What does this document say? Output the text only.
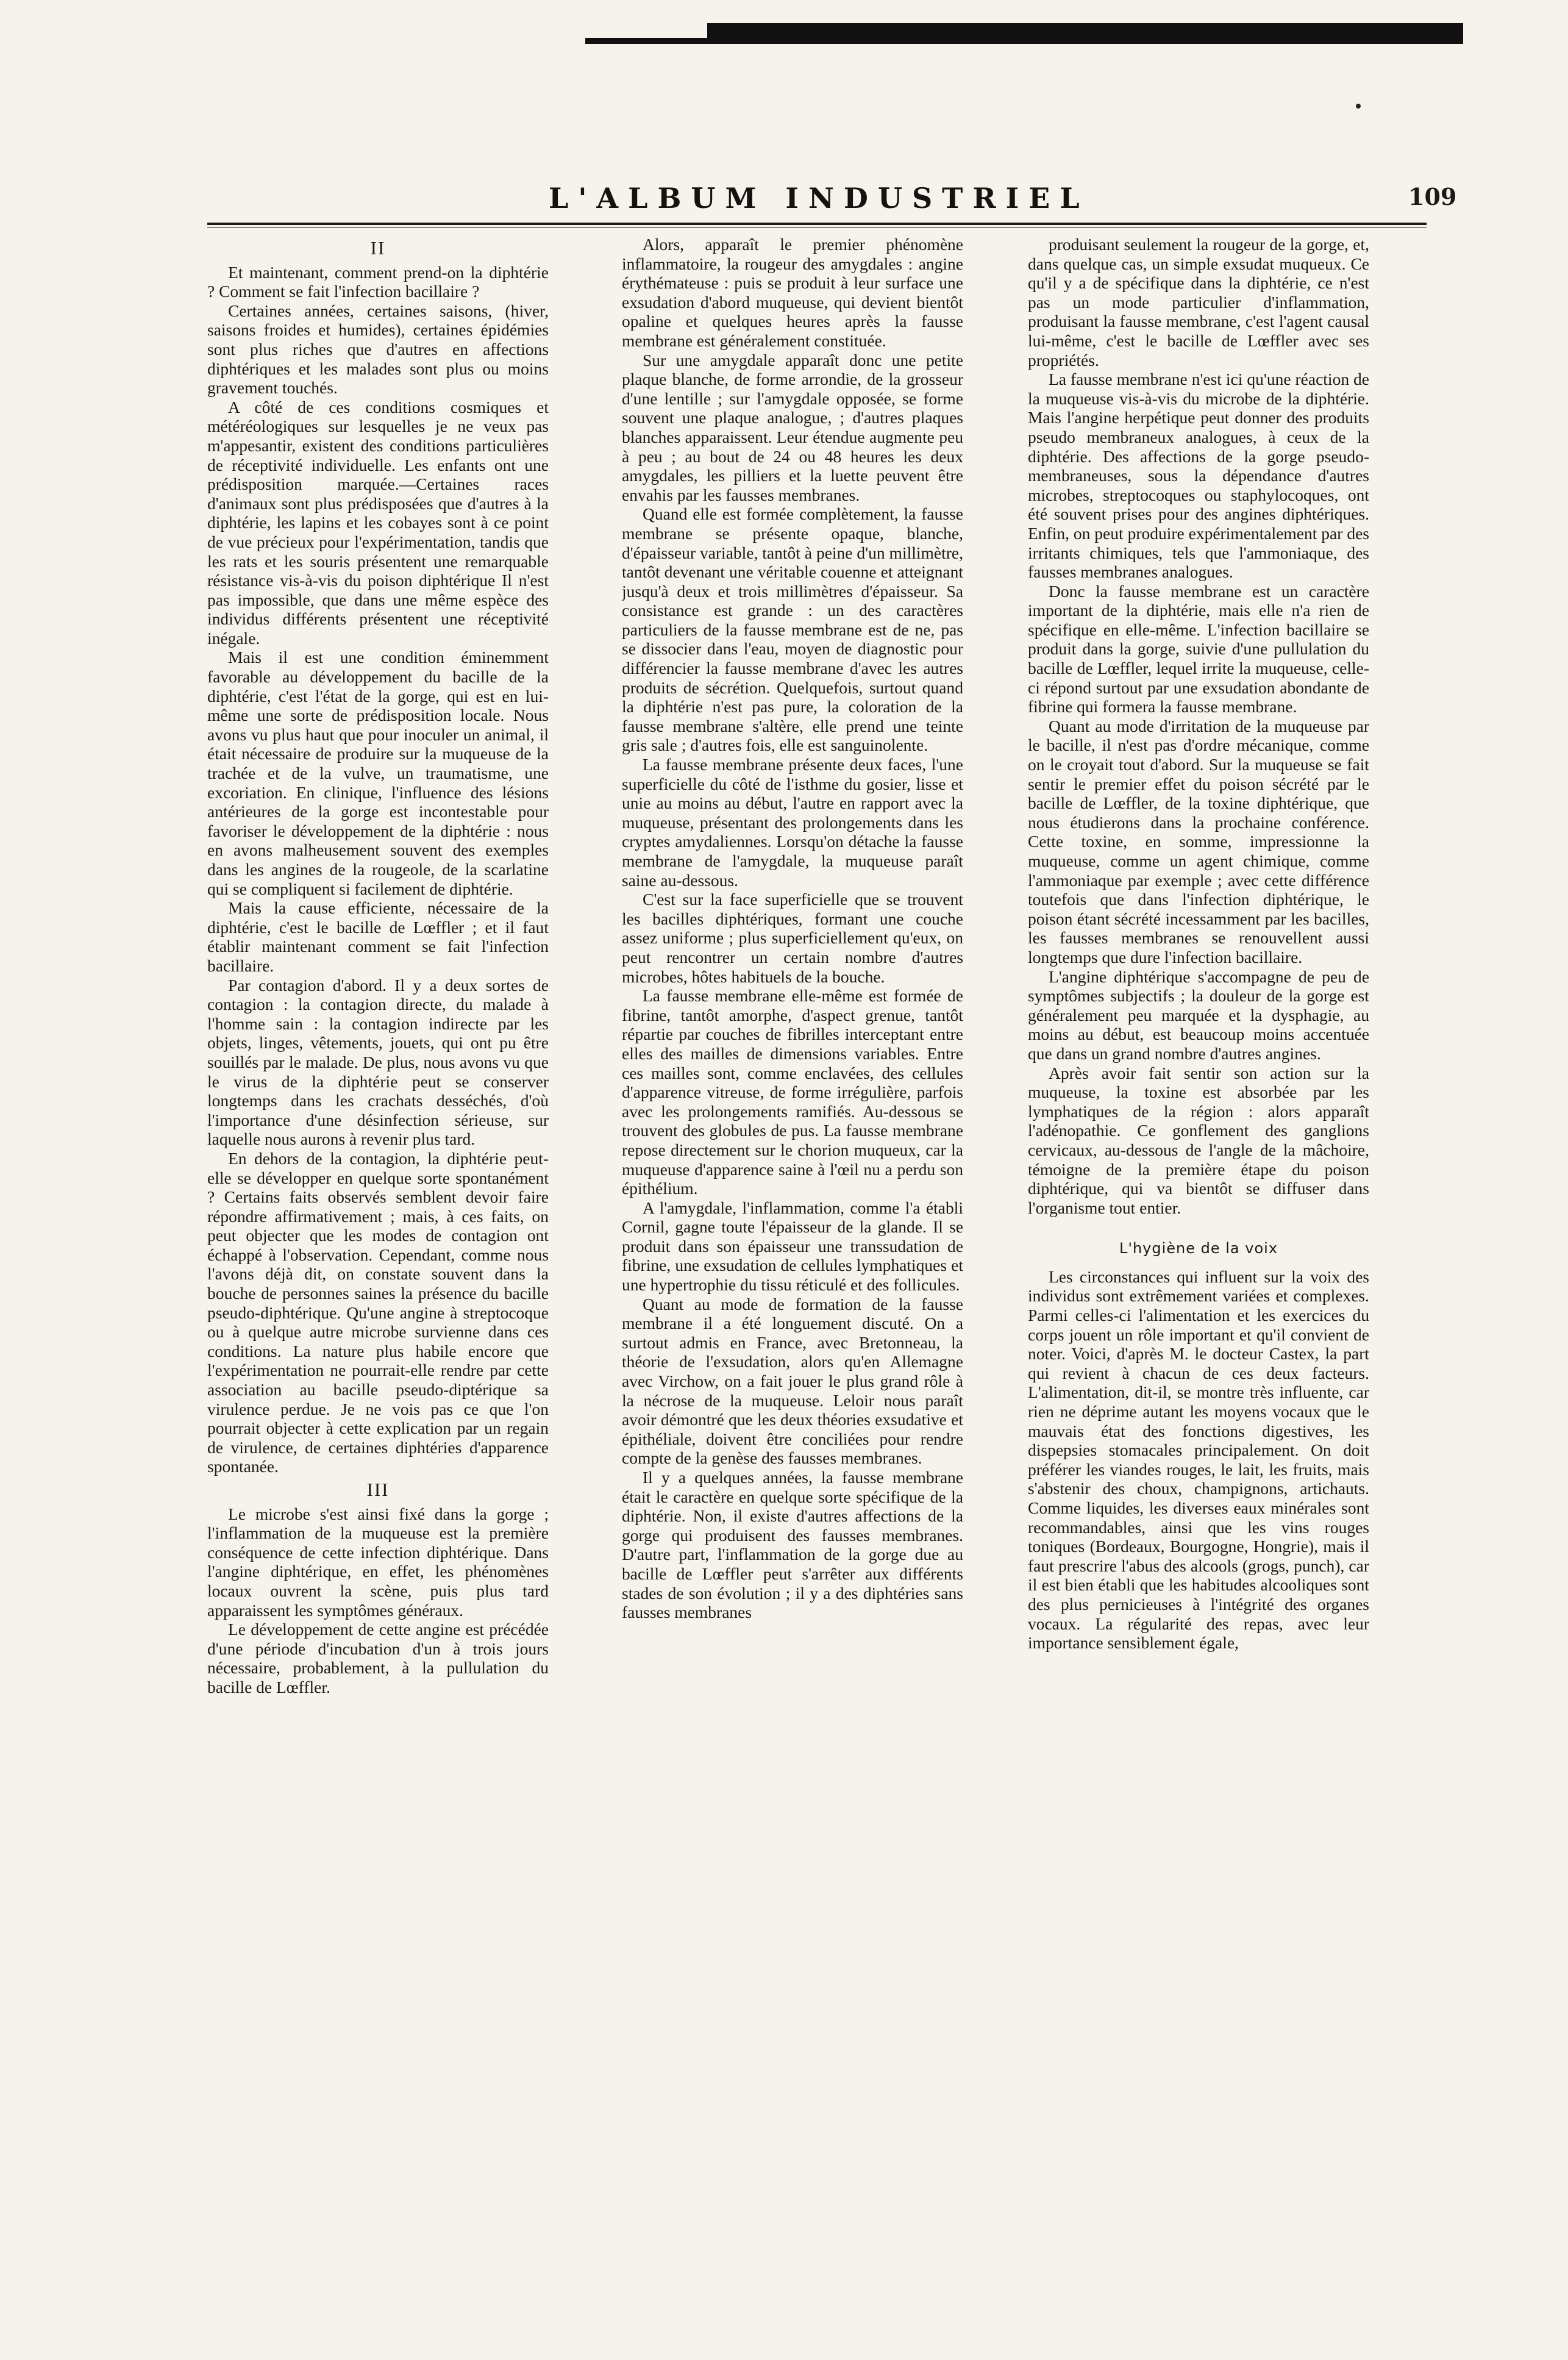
L'ALBUM INDUSTRIEL	109
II

Et maintenant, comment prend-on la diphtérie ? Comment se fait l'infection bacillaire ?

Certaines années, certaines saisons, (hiver, saisons froides et humides), certaines épidémies sont plus riches que d'autres en affections diphtériques et les malades sont plus ou moins gravement touchés.

A côté de ces conditions cosmiques et météréologiques sur lesquelles je ne veux pas m'appesantir, existent des conditions particulières de réceptivité individuelle. Les enfants ont une prédisposition marquée.—Certaines races d'animaux sont plus prédisposées que d'autres à la diphtérie, les lapins et les cobayes sont à ce point de vue précieux pour l'expérimentation, tandis que les rats et les souris présentent une remarquable résistance vis-à-vis du poison diphtérique Il n'est pas impossible, que dans une même espèce des individus différents présentent une réceptivité inégale.

Mais il est une condition éminemment favorable au développement du bacille de la diphtérie, c'est l'état de la gorge, qui est en lui-même une sorte de prédisposition locale. Nous avons vu plus haut que pour inoculer un animal, il était nécessaire de produire sur la muqueuse de la trachée et de la vulve, un traumatisme, une excoriation. En clinique, l'influence des lésions antérieures de la gorge est incontestable pour favoriser le développement de la diphtérie : nous en avons malheusement souvent des exemples dans les angines de la rougeole, de la scarlatine qui se compliquent si facilement de diphtérie.

Mais la cause efficiente, nécessaire de la diphtérie, c'est le bacille de Lœffler ; et il faut établir maintenant comment se fait l'infection bacillaire.

Par contagion d'abord. Il y a deux sortes de contagion : la contagion directe, du malade à l'homme sain : la contagion indirecte par les objets, linges, vêtements, jouets, qui ont pu être souillés par le malade. De plus, nous avons vu que le virus de la diphtérie peut se conserver longtemps dans les crachats desséchés, d'où l'importance d'une désinfection sérieuse, sur laquelle nous aurons à revenir plus tard.

En dehors de la contagion, la diphtérie peut-elle se développer en quelque sorte spontanément ? Certains faits observés semblent devoir faire répondre affirmativement ; mais, à ces faits, on peut objecter que les modes de contagion ont échappé à l'observation. Cependant, comme nous l'avons déjà dit, on constate souvent dans la bouche de personnes saines la présence du bacille pseudo-diphtérique. Qu'une angine à streptocoque ou à quelque autre microbe survienne dans ces conditions. La nature plus habile encore que l'expérimentation ne pourrait-elle rendre par cette association au bacille pseudo-diptérique sa virulence perdue. Je ne vois pas ce que l'on pourrait objecter à cette explication par un regain de virulence, de certaines diphtéries d'apparence spontanée.

III

Le microbe s'est ainsi fixé dans la gorge ; l'inflammation de la muqueuse est la première conséquence de cette infection diphtérique. Dans l'angine diphtérique, en effet, les phénomènes locaux ouvrent la scène, puis plus tard apparaissent les symptômes généraux.

Le développement de cette angine est précédée d'une période d'incubation d'un à trois jours nécessaire, probablement, à la pullulation du bacille de Lœffler.

Alors, apparaît le premier phénomène inflammatoire, la rougeur des amygdales : angine érythémateuse : puis se produit à leur surface une exsudation d'abord muqueuse, qui devient bientôt opaline et quelques heures après la fausse membrane est généralement constituée.

Sur une amygdale apparaît donc une petite plaque blanche, de forme arrondie, de la grosseur d'une lentille ; sur l'amygdale opposée, se forme souvent une plaque analogue, ; d'autres plaques blanches apparaissent. Leur étendue augmente peu à peu ; au bout de 24 ou 48 heures les deux amygdales, les pilliers et la luette peuvent être envahis par les fausses membranes.

Quand elle est formée complètement, la fausse membrane se présente opaque, blanche, d'épaisseur variable, tantôt à peine d'un millimètre, tantôt devenant une véritable couenne et atteignant jusqu'à deux et trois millimètres d'épaisseur. Sa consistance est grande : un des caractères particuliers de la fausse membrane est de ne, pas se dissocier dans l'eau, moyen de diagnostic pour différencier la fausse membrane d'avec les autres produits de sécrétion. Quelquefois, surtout quand la diphtérie n'est pas pure, la coloration de la fausse membrane s'altère, elle prend une teinte gris sale ; d'autres fois, elle est sanguinolente.

La fausse membrane présente deux faces, l'une superficielle du côté de l'isthme du gosier, lisse et unie au moins au début, l'autre en rapport avec la muqueuse, présentant des prolongements dans les cryptes amydaliennes. Lorsqu'on détache la fausse membrane de l'amygdale, la muqueuse paraît saine au-dessous.

C'est sur la face superficielle que se trouvent les bacilles diphtériques, formant une couche assez uniforme ; plus superficiellement qu'eux, on peut rencontrer un certain nombre d'autres microbes, hôtes habituels de la bouche.

La fausse membrane elle-même est formée de fibrine, tantôt amorphe, d'aspect grenue, tantôt répartie par couches de fibrilles interceptant entre elles des mailles de dimensions variables. Entre ces mailles sont, comme enclavées, des cellules d'apparence vitreuse, de forme irrégulière, parfois avec les prolongements ramifiés. Au-dessous se trouvent des globules de pus. La fausse membrane repose directement sur le chorion muqueux, car la muqueuse d'apparence saine à l'œil nu a perdu son épithélium.

A l'amygdale, l'inflammation, comme l'a établi Cornil, gagne toute l'épaisseur de la glande. Il se produit dans son épaisseur une transsudation de fibrine, une exsudation de cellules lymphatiques et une hypertrophie du tissu réticulé et des follicules.

Quant au mode de formation de la fausse membrane il a été longuement discuté. On a surtout admis en France, avec Bretonneau, la théorie de l'exsudation, alors qu'en Allemagne avec Virchow, on a fait jouer le plus grand rôle à la nécrose de la muqueuse. Leloir nous paraît avoir démontré que les deux théories exsudative et épithéliale, doivent être conciliées pour rendre compte de la genèse des fausses membranes.

Il y a quelques années, la fausse membrane était le caractère en quelque sorte spécifique de la diphtérie. Non, il existe d'autres affections de la gorge qui produisent des fausses membranes. D'autre part, l'inflammation de la gorge due au bacille de Lœffler peut s'arrêter aux différents stades de son évolution ; il y a des diphtéries sans fausses membranes

produisant seulement la rougeur de la gorge, et, dans quelque cas, un simple exsudat muqueux. Ce qu'il y a de spécifique dans la diphtérie, ce n'est pas un mode particulier d'inflammation, produisant la fausse membrane, c'est l'agent causal lui-même, c'est le bacille de Lœffler avec ses propriétés.

La fausse membrane n'est ici qu'une réaction de la muqueuse vis-à-vis du microbe de la diphtérie. Mais l'angine herpétique peut donner des produits pseudo membraneux analogues, à ceux de la diphtérie. Des affections de la gorge pseudo-membraneuses, sous la dépendance d'autres microbes, streptocoques ou staphylocoques, ont été souvent prises pour des angines diphtériques. Enfin, on peut produire expérimentalement par des irritants chimiques, tels que l'ammoniaque, des fausses membranes analogues.

Donc la fausse membrane est un caractère important de la diphtérie, mais elle n'a rien de spécifique en elle-même. L'infection bacillaire se produit dans la gorge, suivie d'une pullulation du bacille de Lœffler, lequel irrite la muqueuse, celle-ci répond surtout par une exsudation abondante de fibrine qui formera la fausse membrane.

Quant au mode d'irritation de la muqueuse par le bacille, il n'est pas d'ordre mécanique, comme on le croyait tout d'abord. Sur la muqueuse se fait sentir le premier effet du poison sécrété par le bacille de Lœffler, de la toxine diphtérique, que nous étudierons dans la prochaine conférence. Cette toxine, en somme, impressionne la muqueuse, comme un agent chimique, comme l'ammoniaque par exemple ; avec cette différence toutefois que dans l'infection diphtérique, le poison étant sécrété incessamment par les bacilles, les fausses membranes se renouvellent aussi longtemps que dure l'infection bacillaire.

L'angine diphtérique s'accompagne de peu de symptômes subjectifs ; la douleur de la gorge est généralement peu marquée et la dysphagie, au moins au début, est beaucoup moins accentuée que dans un grand nombre d'autres angines.

Après avoir fait sentir son action sur la muqueuse, la toxine est absorbée par les lymphatiques de la région : alors apparaît l'adénopathie. Ce gonflement des ganglions cervicaux, au-dessous de l'angle de la mâchoire, témoigne de la première étape du poison diphtérique, qui va bientôt se diffuser dans l'organisme tout entier.

L'hygiène de la voix

Les circonstances qui influent sur la voix des individus sont extrêmement variées et complexes. Parmi celles-ci l'alimentation et les exercices du corps jouent un rôle important et qu'il convient de noter. Voici, d'après M. le docteur Castex, la part qui revient à chacun de ces deux facteurs. L'alimentation, dit-il, se montre très influente, car rien ne déprime autant les moyens vocaux que le mauvais état des fonctions digestives, les dispepsies stomacales principalement. On doit préférer les viandes rouges, le lait, les fruits, mais s'abstenir des choux, champignons, artichauts. Comme liquides, les diverses eaux minérales sont recommandables, ainsi que les vins rouges toniques (Bordeaux, Bourgogne, Hongrie), mais il faut prescrire l'abus des alcools (grogs, punch), car il est bien établi que les habitudes alcooliques sont des plus pernicieuses à l'intégrité des organes vocaux. La régularité des repas, avec leur importance sensiblement égale,
